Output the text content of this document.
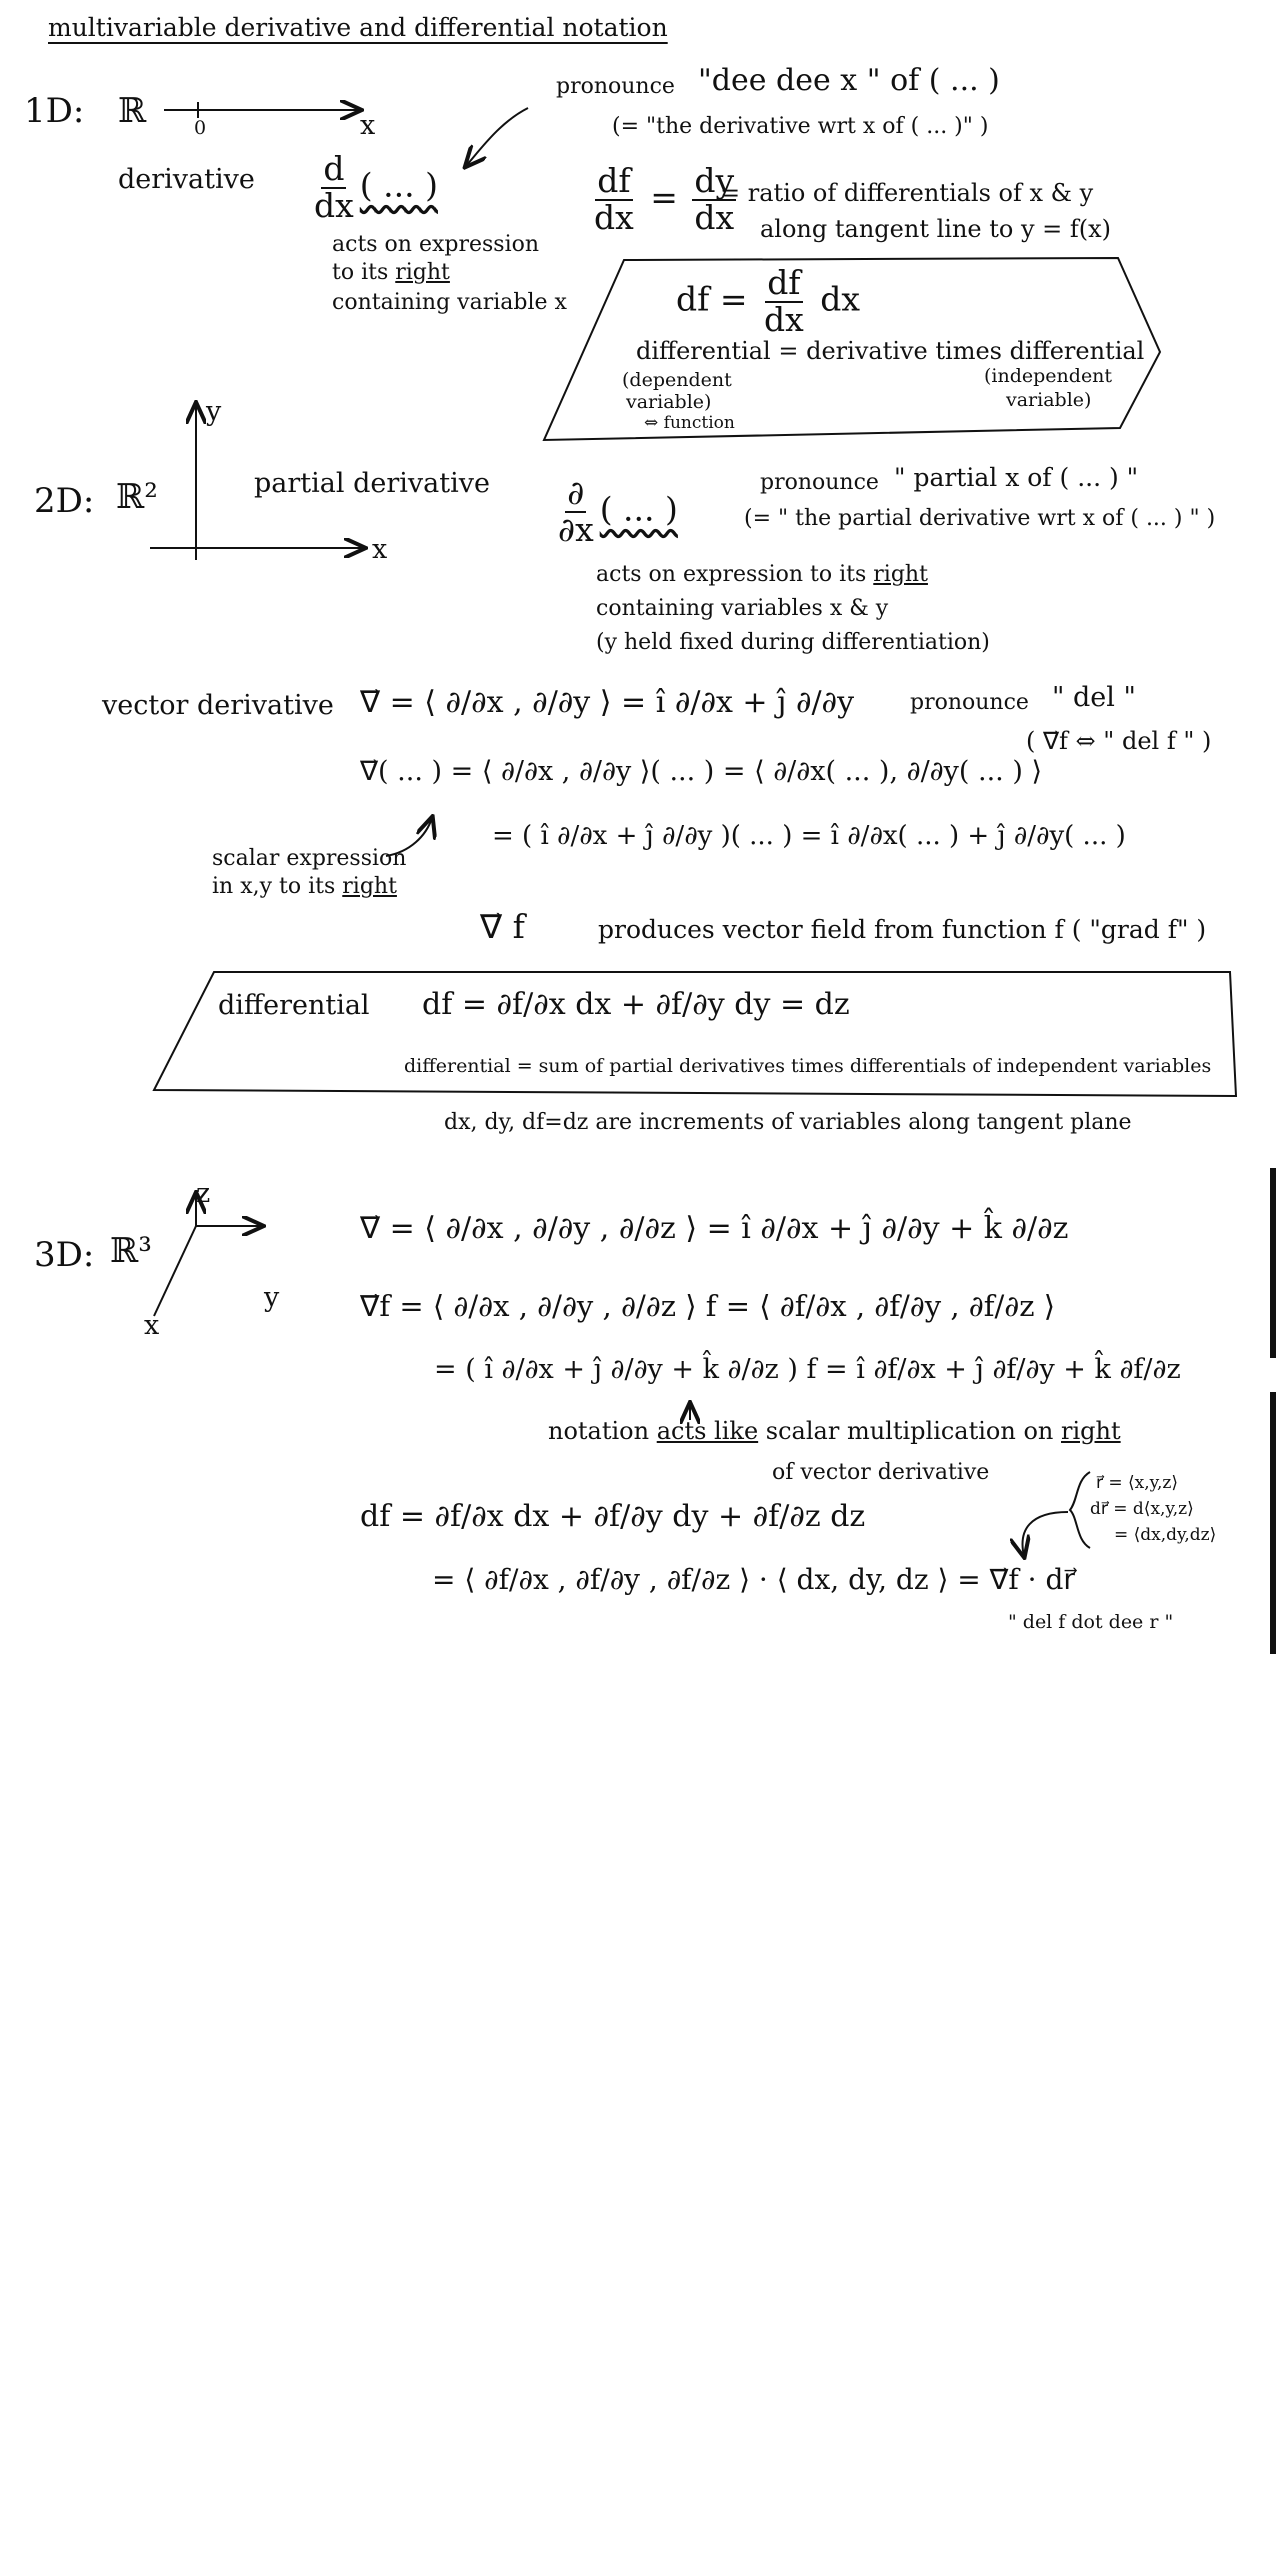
multivariable derivative and differential notation
1D: ℝ	0	x
pronounce "dee dee x " of ( ... )
(= "the derivative wrt x of ( ... )" )
derivative $\frac{d}{dx}$ ( ... )
acts on expression
to its right
containing variable x
$\frac{df}{dx} = \frac{dy}{dx}$
= ratio of differentials of x & y
along tangent line to y = f(x)
df = $\frac{df}{dx}$ dx
differential = derivative times differential
(dependent
variable)
⇔ function
(independent
variable)
y
2D: ℝ²	partial derivative
x
$\frac{\partial}{\partial x}$ ( ... )
pronounce " partial x of ( ... ) "
(= " the partial derivative wrt x of ( ... ) " )
acts on expression to its right
containing variables x & y
(y held fixed during differentiation)
vector derivative ∇⃗ = ⟨ ∂/∂x , ∂/∂y ⟩ = î ∂/∂x + ĵ ∂/∂y	pronounce " del "
( ∇⃗f ⇔ " del f " )
∇⃗( ... ) = ⟨ ∂/∂x , ∂/∂y ⟩( ... ) = ⟨ ∂/∂x( ... ), ∂/∂y( ... ) ⟩
= ( î ∂/∂x + ĵ ∂/∂y )( ... ) = î ∂/∂x( ... ) + ĵ ∂/∂y( ... )
scalar expression
in x,y to its right
∇⃗ f	produces vector field from function f ( "grad f" )
differential df = ∂f/∂x dx + ∂f/∂y dy = dz
differential = sum of partial derivatives times differentials of independent variables
dx, dy, df=dz are increments of variables along tangent plane
z
3D: ℝ³
y
x
∇⃗ = ⟨ ∂/∂x , ∂/∂y , ∂/∂z ⟩ = î ∂/∂x + ĵ ∂/∂y + k̂ ∂/∂z
∇⃗f = ⟨ ∂/∂x , ∂/∂y , ∂/∂z ⟩ f = ⟨ ∂f/∂x , ∂f/∂y , ∂f/∂z ⟩
= ( î ∂/∂x + ĵ ∂/∂y + k̂ ∂/∂z ) f = î ∂f/∂x + ĵ ∂f/∂y + k̂ ∂f/∂z
notation acts like scalar multiplication on right
of vector derivative
df = ∂f/∂x dx + ∂f/∂y dy + ∂f/∂z dz
= ⟨ ∂f/∂x , ∂f/∂y , ∂f/∂z ⟩ · ⟨ dx, dy, dz ⟩ = ∇⃗f · dr⃗
r⃗ = ⟨x,y,z⟩
dr⃗ = d⟨x,y,z⟩
= ⟨dx,dy,dz⟩
" del f dot dee r "
